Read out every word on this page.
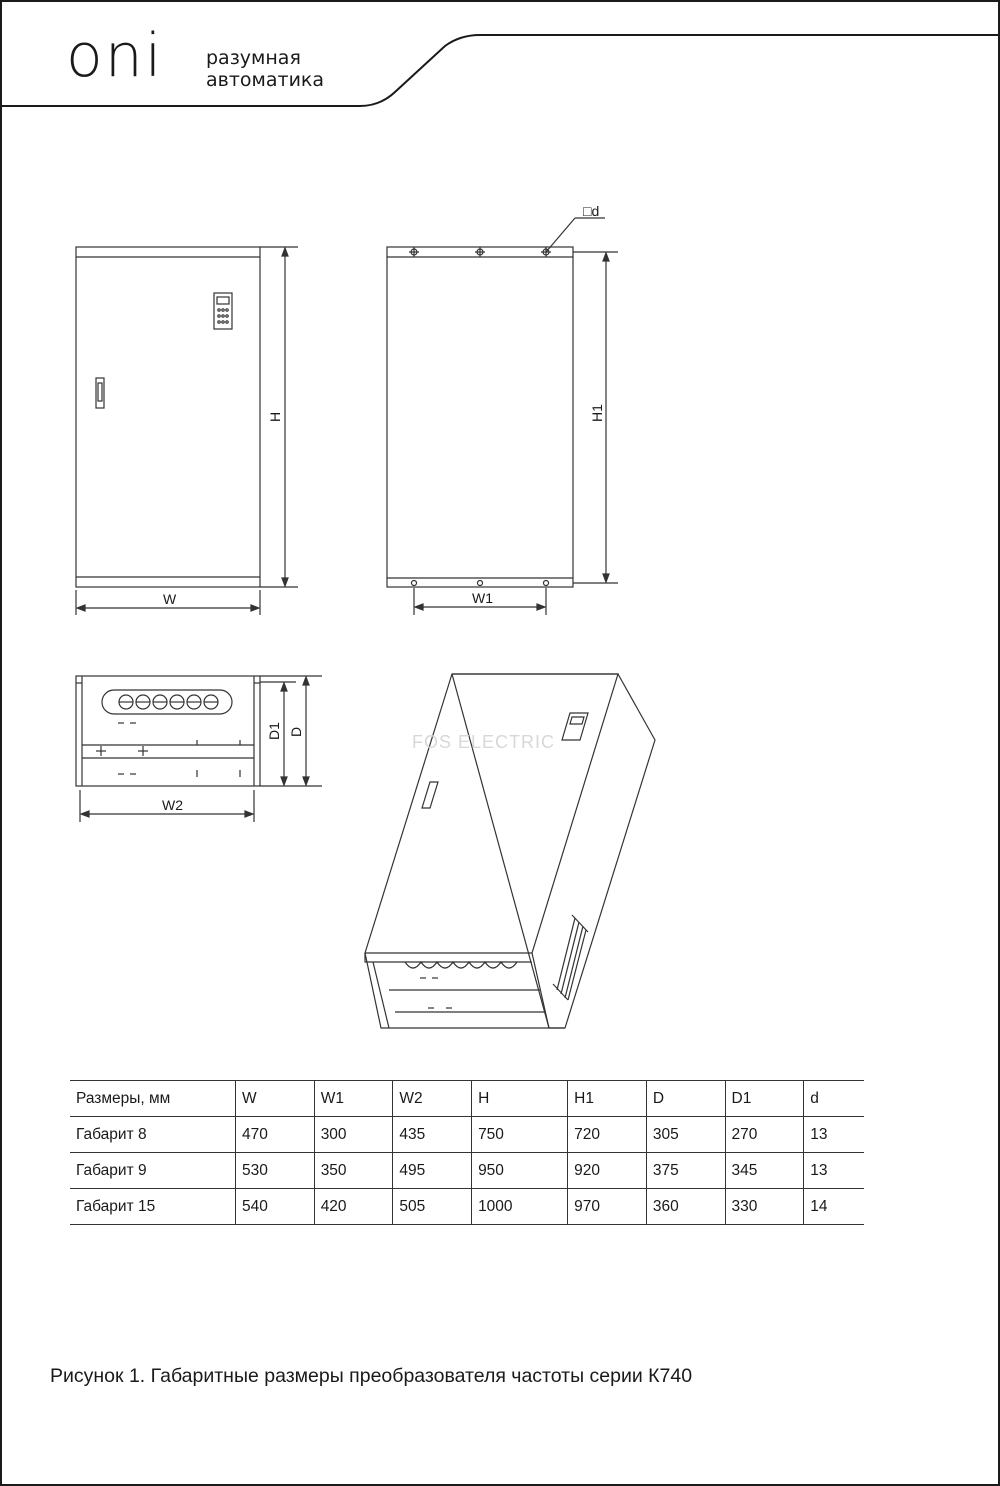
oni разумная
автоматика
W
H
W1
H1
□d
W2
D1 D
FOS ELECTRIC
Размеры, мм	W	W1	W2	H	H1	D	D1	d
Габарит 8	470	300	435	750	720	305	270	13
Габарит 9	530	350	495	950	920	375	345	13
Габарит 15	540	420	505	1000	970	360	330	14
Рисунок 1. Габаритные размеры преобразователя частоты серии К740
